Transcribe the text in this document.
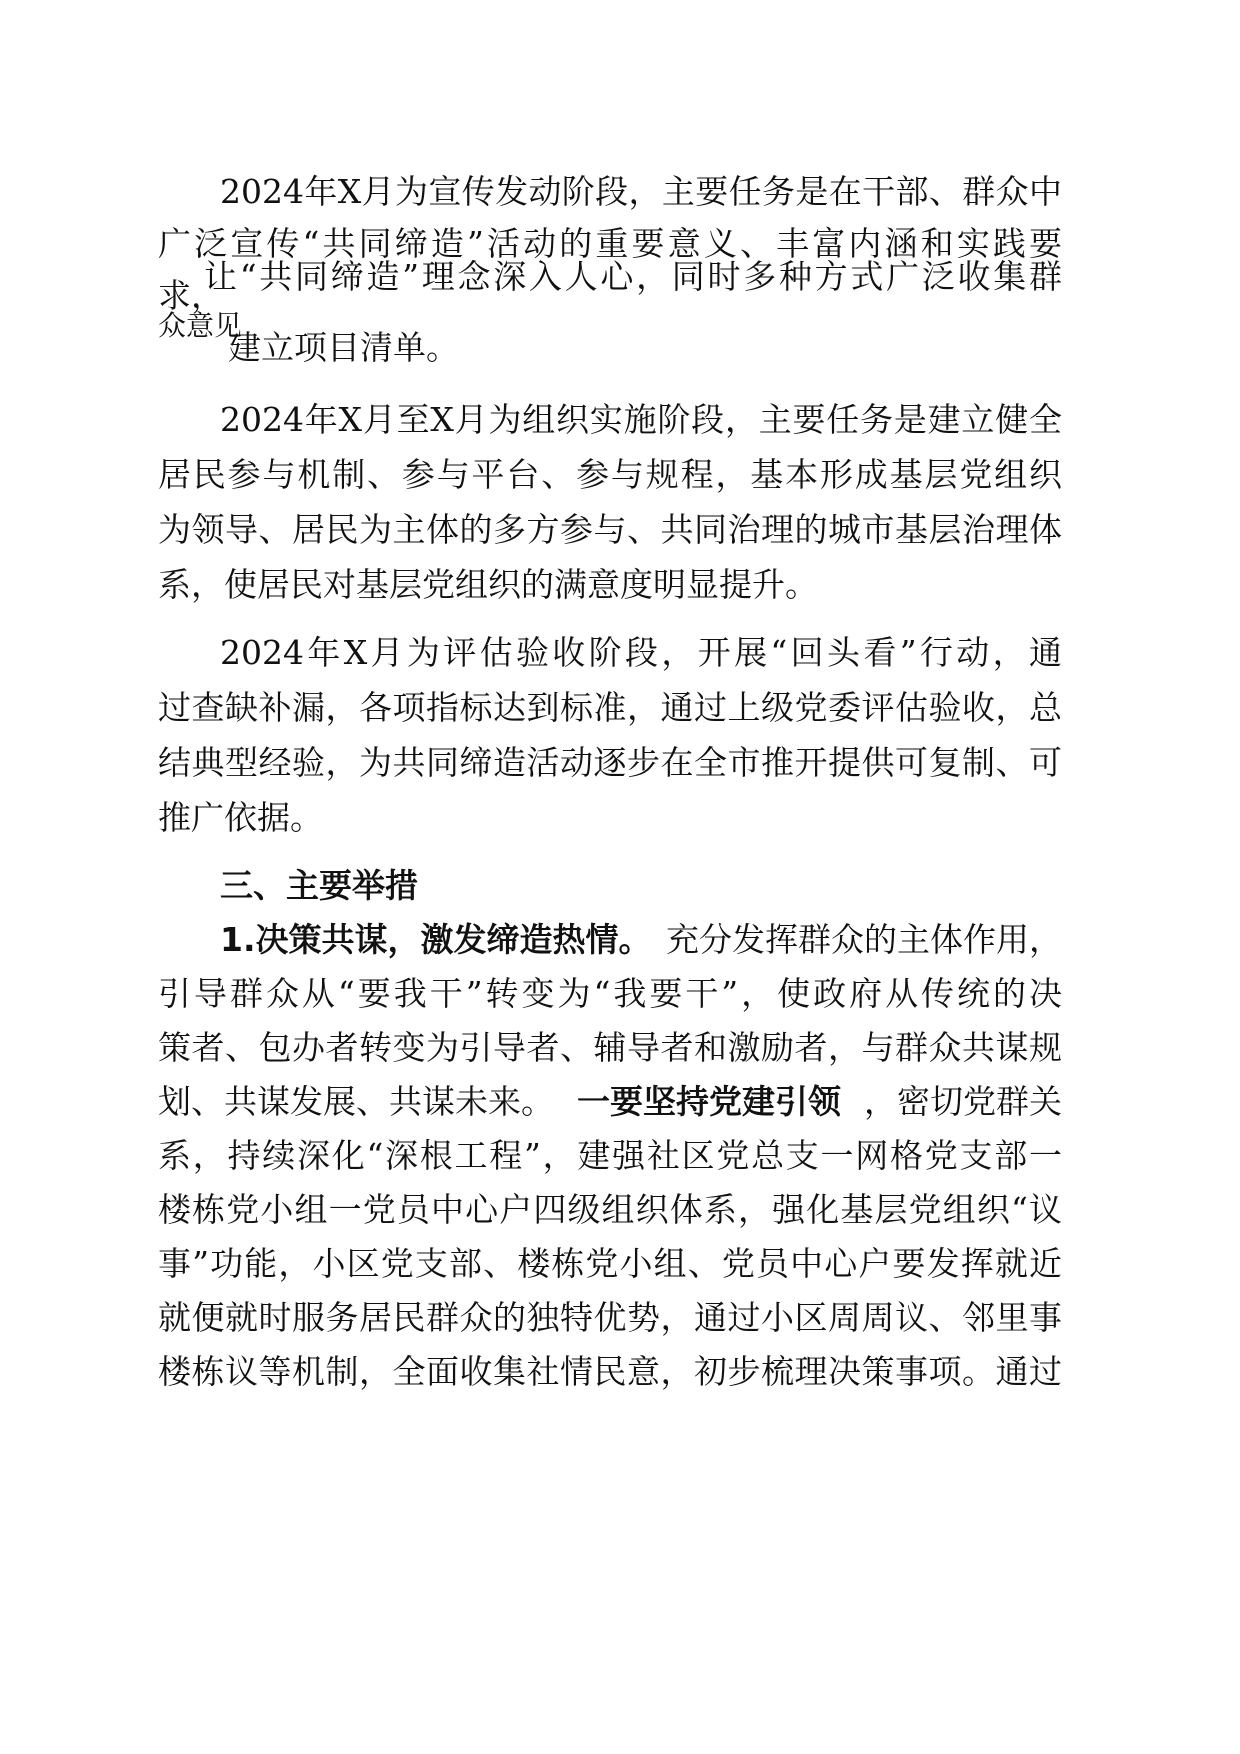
2024年X月为宣传发动阶段，主要任务是在干部、群众中
广泛宣传“共同缔造”活动的重要意义、丰富内涵和实践要
求，
让“共同缔造”理念深入人心，同时多种方式广泛收集群
众意见
建立项目清单。
2024年X月至X月为组织实施阶段，主要任务是建立健全
居民参与机制、参与平台、参与规程，基本形成基层党组织
为领导、居民为主体的多方参与、共同治理的城市基层治理体
系，使居民对基层党组织的满意度明显提升。
2024年X月为评估验收阶段，开展“回头看”行动，通
过查缺补漏，各项指标达到标准，通过上级党委评估验收，总
结典型经验，为共同缔造活动逐步在全市推开提供可复制、可
推广依据。
三、主要举措
1.决策共谋，激发缔造热情。 充分发挥群众的主体作用，
引导群众从“要我干”转变为“我要干”，使政府从传统的决
策者、包办者转变为引导者、辅导者和激励者，与群众共谋规
划、共谋发展、共谋未来。 一要坚持党建引领 ，密切党群关
系，持续深化“深根工程”，建强社区党总支一网格党支部一
楼栋党小组一党员中心户四级组织体系，强化基层党组织“议
事”功能，小区党支部、楼栋党小组、党员中心户要发挥就近
就便就时服务居民群众的独特优势，通过小区周周议、邻里事
楼栋议等机制，全面收集社情民意，初步梳理决策事项。通过
